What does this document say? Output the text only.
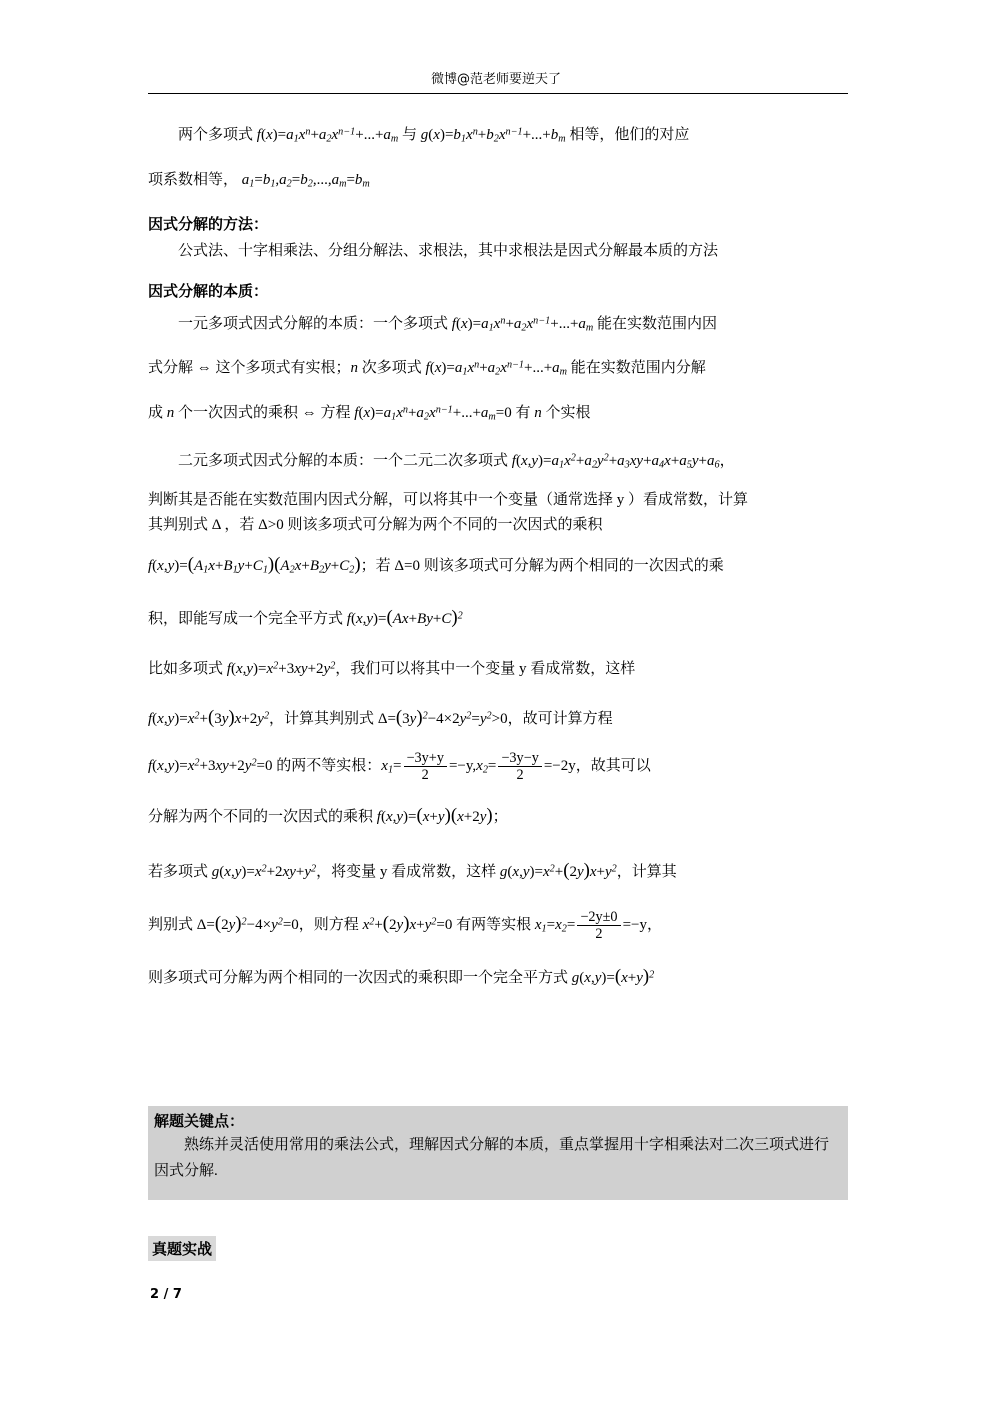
微博@范老师要逆天了

两个多项式 $f(x)=a_1x^n+a_2x^{n-1}+...+a_m$ 与 $g(x)=b_1x^n+b_2x^{n-1}+...+b_m$ 相等，他们的对应

项系数相等， $a_1=b_1,a_2=b_2,...,a_m=b_m$

因式分解的方法：

公式法、十字相乘法、分组分解法、求根法，其中求根法是因式分解最本质的方法

因式分解的本质：

一元多项式因式分解的本质：一个多项式 $f(x)=a_1x^n+a_2x^{n-1}+...+a_m$ 能在实数范围内因

式分解 ⇔ 这个多项式有实根；n 次多项式 $f(x)=a_1x^n+a_2x^{n-1}+...+a_m$ 能在实数范围内分解

成 n 个一次因式的乘积 ⇔ 方程 $f(x)=a_1x^n+a_2x^{n-1}+...+a_m=0$ 有 n 个实根

二元多项式因式分解的本质：一个二元二次多项式 $f(x,y)=a_1x^2+a_2y^2+a_3xy+a_4x+a_5y+a_6$，

判断其是否能在实数范围内因式分解，可以将其中一个变量（通常选择 y ）看成常数，计算

其判别式 Δ ，若 Δ>0 则该多项式可分解为两个不同的一次因式的乘积

$f(x,y)=(A_1x+B_1y+C_1)(A_2x+B_2y+C_2)$；若 Δ=0 则该多项式可分解为两个相同的一次因式的乘

积，即能写成一个完全平方式 $f(x,y)=(Ax+By+C)^2$

比如多项式 $f(x,y)=x^2+3xy+2y^2$，我们可以将其中一个变量 y 看成常数，这样

$f(x,y)=x^2+(3y)x+2y^2$，计算其判别式 $\Delta=(3y)^2-4\times 2y^2=y^2>0$，故可计算方程

$f(x,y)=x^2+3xy+2y^2=0$ 的两不等实根：$x_1= \frac{-3y+y}{2} =-y,x_2= \frac{-3y-y}{2} =-2y$，故其可以

分解为两个不同的一次因式的乘积 f(x,y)=(x+y)(x+2y)；

若多项式 $g(x,y)=x^2+2xy+y^2$，将变量 y 看成常数，这样 $g(x,y)=x^2+(2y)x+y^2$，计算其

判别式 $\Delta=(2y)^2-4\times y^2=0$，则方程 $x^2+(2y)x+y^2=0$ 有两等实根 $x_1=x_2= \frac{-2y\pm 0}{2} =-y$，

则多项式可分解为两个相同的一次因式的乘积即一个完全平方式 $g(x,y)=(x+y)^2$

解题关键点：

熟练并灵活使用常用的乘法公式，理解因式分解的本质，重点掌握用十字相乘法对二次三项式进行因式分解.

真题实战
2 / 7
